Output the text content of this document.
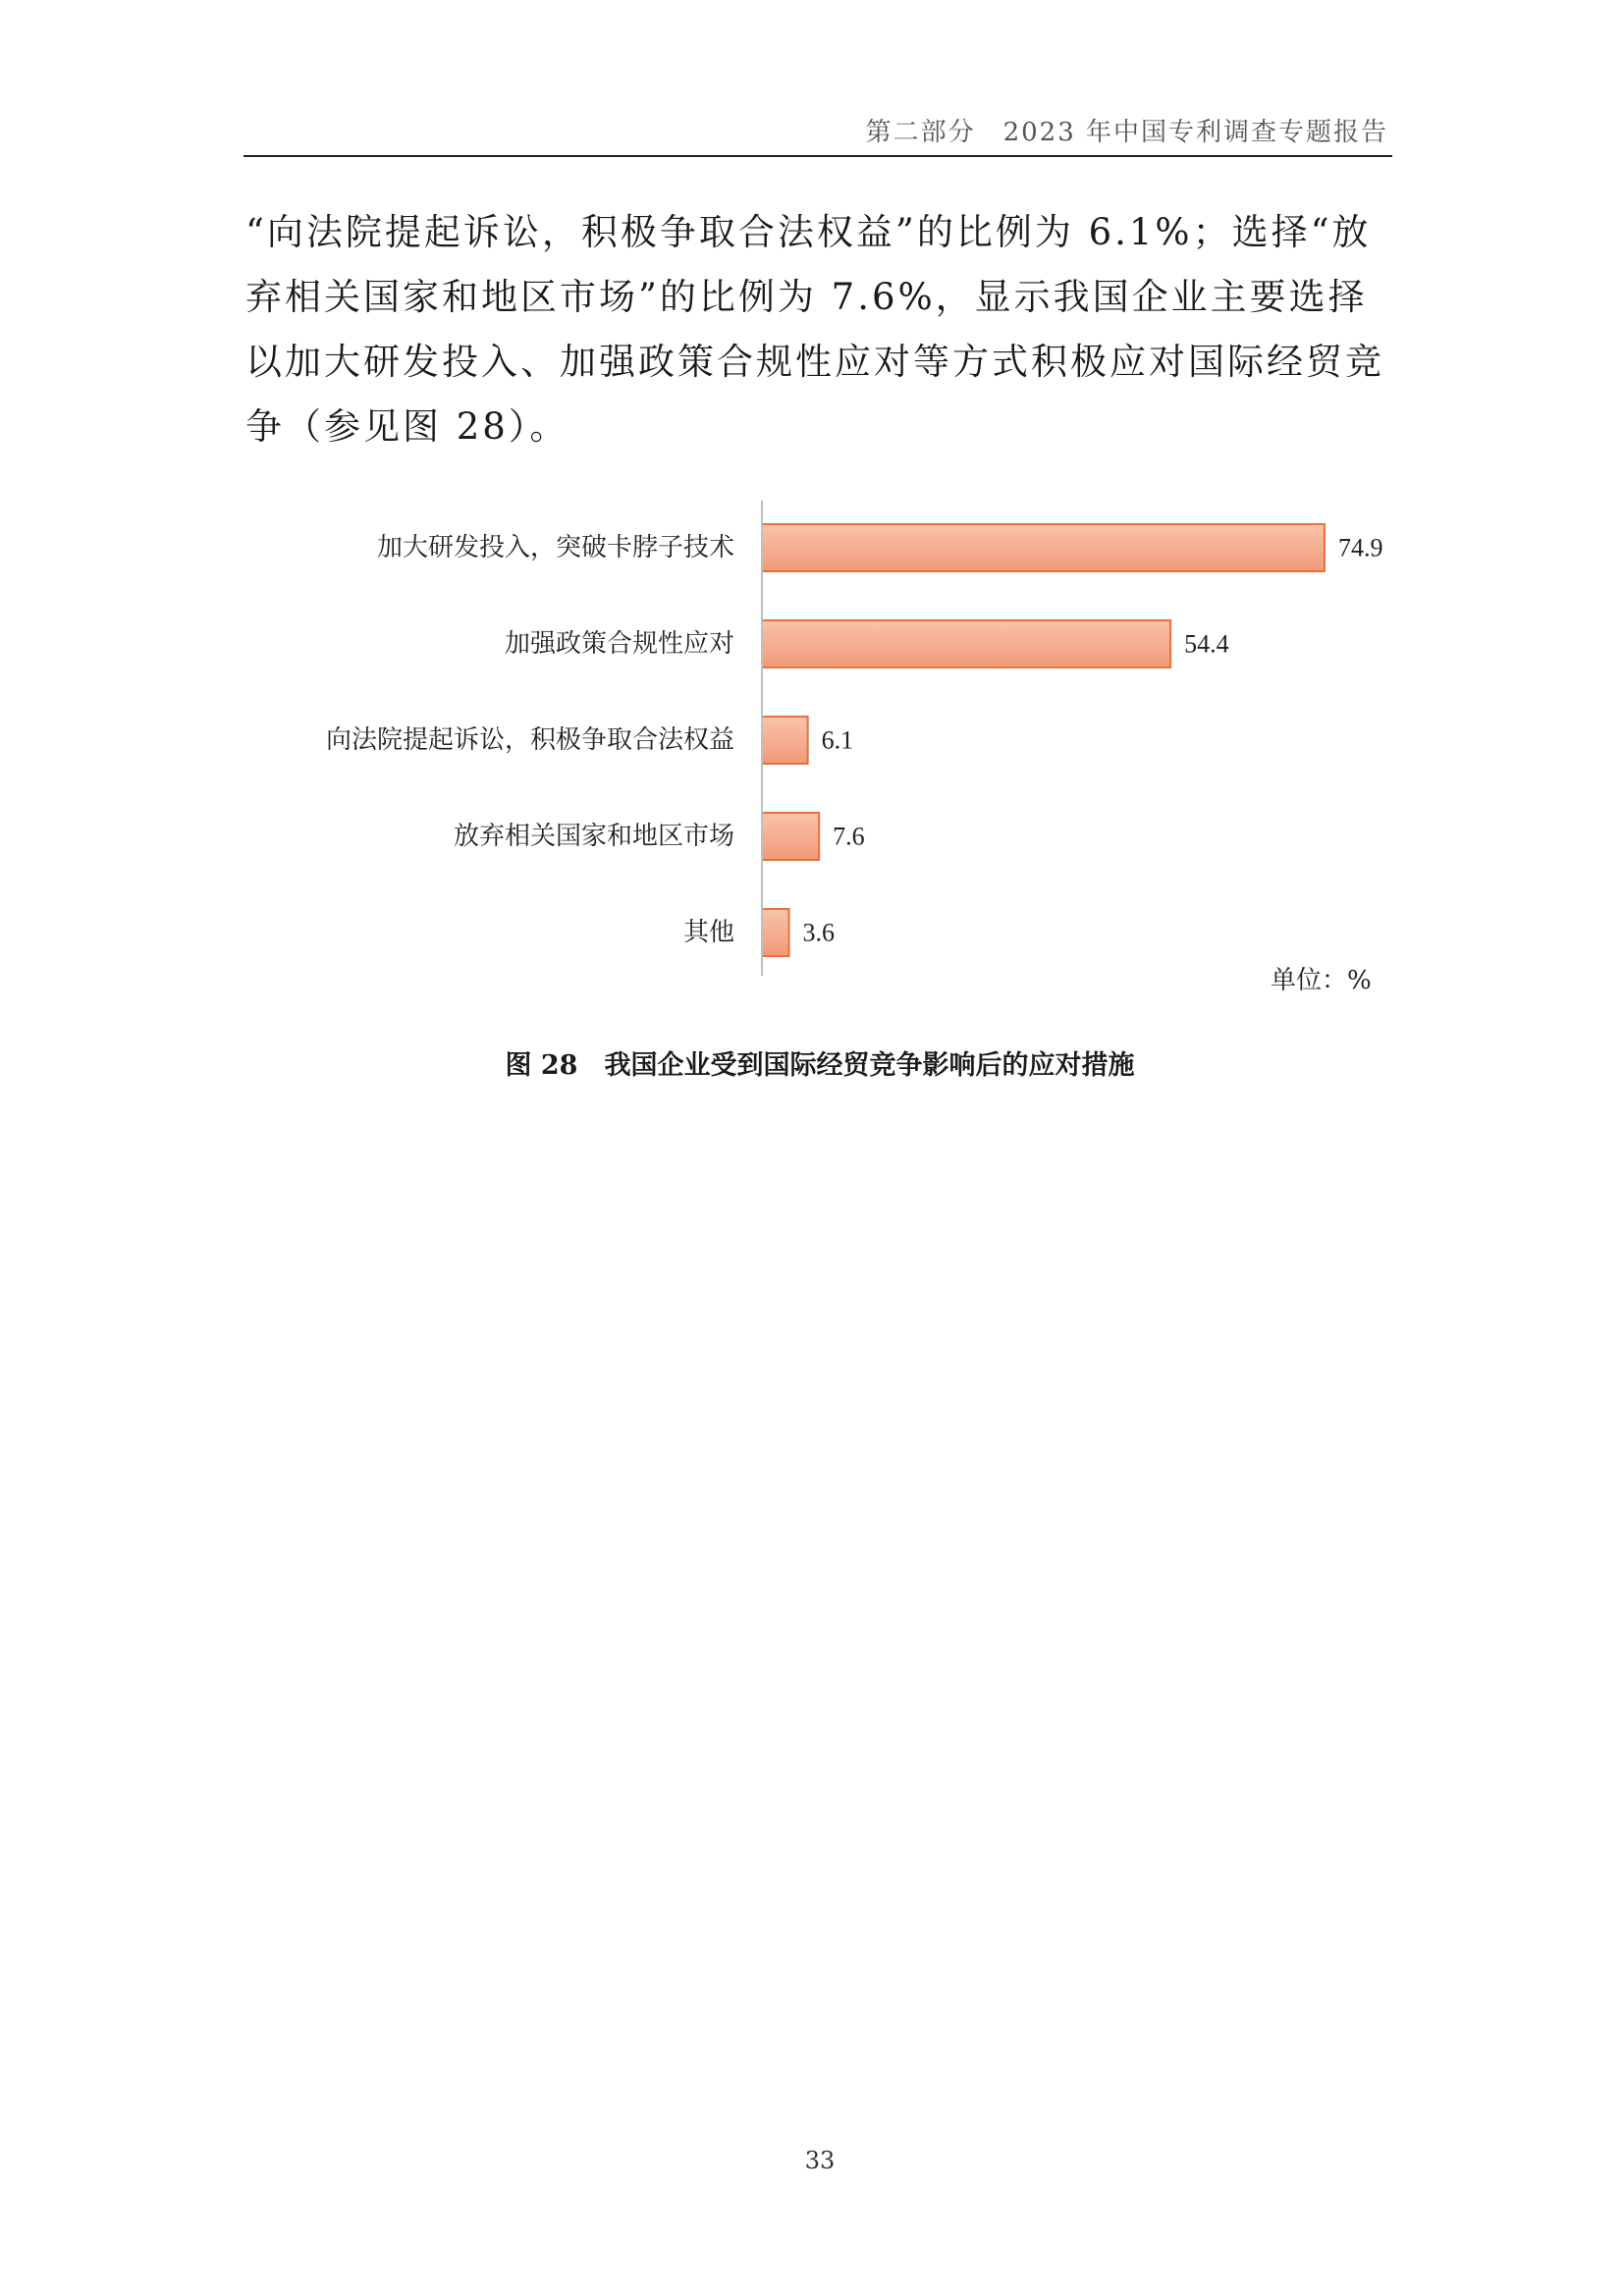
第二部分　2023 年中国专利调查专题报告

“向法院提起诉讼，积极争取合法权益”的比例为 6.1%；选择“放弃相关国家和地区市场”的比例为 7.6%，显示我国企业主要选择以加大研发投入、加强政策合规性应对等方式积极应对国际经贸竞争（参见图 28）。

加大研发投入，突破卡脖子技术	74.9
加强政策合规性应对	54.4
向法院提起诉讼，积极争取合法权益	6.1
放弃相关国家和地区市场	7.6
其他	3.6
单位：%
图 28　我国企业受到国际经贸竞争影响后的应对措施
33
